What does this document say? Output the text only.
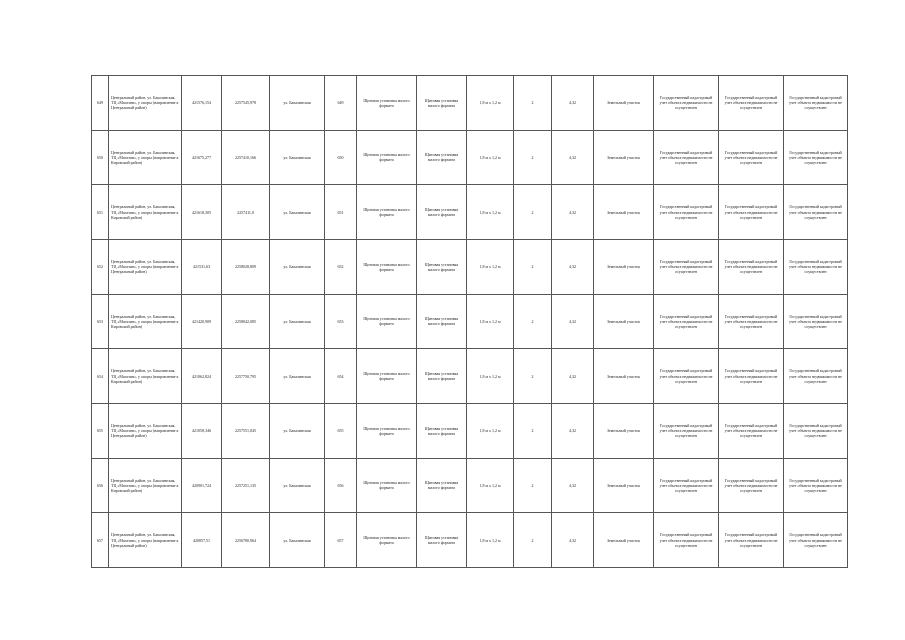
649	Центральный район, ул. Бакалинская, ТЦ «Магазин», у опоры (направление к Центральный район)	421576,154	2257545,978	ул. Бакалинская	649	Щитовая установка малого формата	Щитовая установка малого формата	1,8 м х 1,2 м	2	4,32	Земельный участок	Государственный кадастровый учет объекта недвижимости не осуществлен	Государственный кадастровый учет объекта недвижимости не осуществлен	Государственный кадастровый учет объекта недвижимости не осуществлен
650	Центральный район, ул. Бакалинская, ТЦ «Магазин», у опоры (направление к Кировский район)	421675,277	2257410,166	ул. Бакалинская	650	Щитовая установка малого формата	Щитовая установка малого формата	1,8 м х 1,2 м	2	4,32	Земельный участок	Государственный кадастровый учет объекта недвижимости не осуществлен	Государственный кадастровый учет объекта недвижимости не осуществлен	Государственный кадастровый учет объекта недвижимости не осуществлен
651	Центральный район, ул. Бакалинская, ТЦ «Магазин», у опоры (направление к Кировский район)	421618,305	2257411,0	ул. Бакалинская	651	Щитовая установка малого формата	Щитовая установка малого формата	1,8 м х 1,2 м	2	4,32	Земельный участок	Государственный кадастровый учет объекта недвижимости не осуществлен	Государственный кадастровый учет объекта недвижимости не осуществлен	Государственный кадастровый учет объекта недвижимости не осуществлен
652	Центральный район, ул. Бакалинская, ТЦ «Магазин», у опоры (направление к Центральный район)	421531,63	2258028,809	ул. Бакалинская	652	Щитовая установка малого формата	Щитовая установка малого формата	1,8 м х 1,2 м	2	4,32	Земельный участок	Государственный кадастровый учет объекта недвижимости не осуществлен	Государственный кадастровый учет объекта недвижимости не осуществлен	Государственный кадастровый учет объекта недвижимости не осуществлен
653	Центральный район, ул. Бакалинская, ТЦ «Магазин», у опоры (направление к Кировский район)	421420,909	2258042,085	ул. Бакалинская	653	Щитовая установка малого формата	Щитовая установка малого формата	1,8 м х 1,2 м	2	4,32	Земельный участок	Государственный кадастровый учет объекта недвижимости не осуществлен	Государственный кадастровый учет объекта недвижимости не осуществлен	Государственный кадастровый учет объекта недвижимости не осуществлен
654	Центральный район, ул. Бакалинская, ТЦ «Магазин», у опоры (направление к Кировский район)	421062,824	2257750,795	ул. Бакалинская	654	Щитовая установка малого формата	Щитовая установка малого формата	1,8 м х 1,2 м	2	4,32	Земельный участок	Государственный кадастровый учет объекта недвижимости не осуществлен	Государственный кадастровый учет объекта недвижимости не осуществлен	Государственный кадастровый учет объекта недвижимости не осуществлен
655	Центральный район, ул. Бакалинская, ТЦ «Магазин», у опоры (направление к Центральный район)	421058,346	2257551,045	ул. Бакалинская	655	Щитовая установка малого формата	Щитовая установка малого формата	1,8 м х 1,2 м	2	4,32	Земельный участок	Государственный кадастровый учет объекта недвижимости не осуществлен	Государственный кадастровый учет объекта недвижимости не осуществлен	Государственный кадастровый учет объекта недвижимости не осуществлен
656	Центральный район, ул. Бакалинская, ТЦ «Магазин», у опоры (направление к Кировский район)	420901,724	2257251,135	ул. Бакалинская	656	Щитовая установка малого формата	Щитовая установка малого формата	1,8 м х 1,2 м	2	4,32	Земельный участок	Государственный кадастровый учет объекта недвижимости не осуществлен	Государственный кадастровый учет объекта недвижимости не осуществлен	Государственный кадастровый учет объекта недвижимости не осуществлен
657	Центральный район, ул. Бакалинская, ТЦ «Магазин», у опоры (направление к Центральный район)	420857,51	2256780,964	ул. Бакалинская	657	Щитовая установка малого формата	Щитовая установка малого формата	1,8 м х 1,2 м	2	4,32	Земельный участок	Государственный кадастровый учет объекта недвижимости не осуществлен	Государственный кадастровый учет объекта недвижимости не осуществлен	Государственный кадастровый учет объекта недвижимости не осуществлен
